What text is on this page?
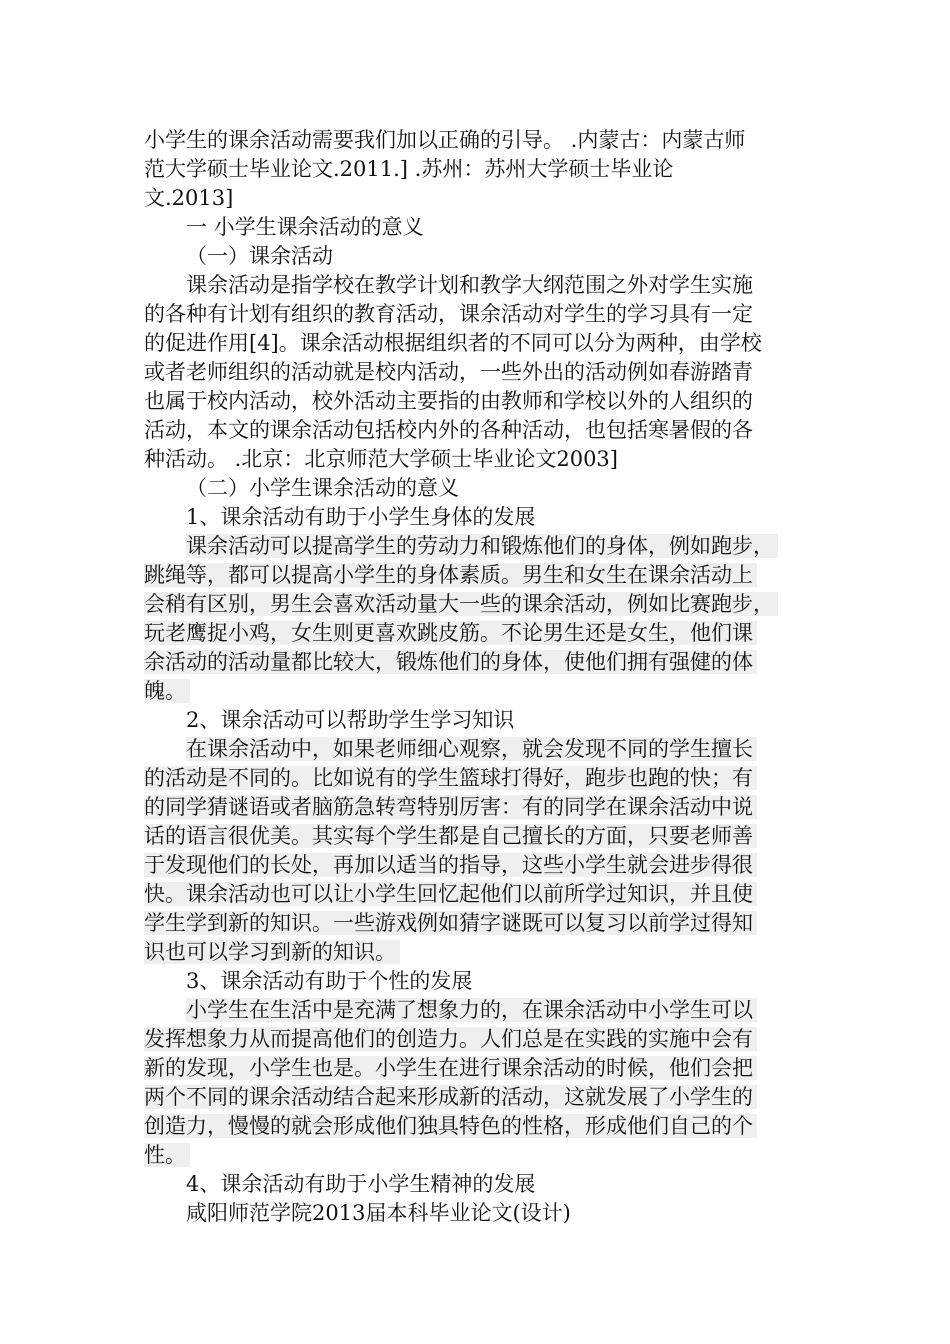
小学生的课余活动需要我们加以正确的引导。 .内蒙古：内蒙古师
范大学硕士毕业论文.2011.] .苏州：苏州大学硕士毕业论
文.2013]
一 小学生课余活动的意义
（一）课余活动
课余活动是指学校在教学计划和教学大纲范围之外对学生实施
的各种有计划有组织的教育活动，课余活动对学生的学习具有一定
的促进作用[4]。课余活动根据组织者的不同可以分为两种，由学校
或者老师组织的活动就是校内活动，一些外出的活动例如春游踏青
也属于校内活动，校外活动主要指的由教师和学校以外的人组织的
活动，本文的课余活动包括校内外的各种活动，也包括寒暑假的各
种活动。 .北京：北京师范大学硕士毕业论文2003]
（二）小学生课余活动的意义
1、课余活动有助于小学生身体的发展
课余活动可以提高学生的劳动力和锻炼他们的身体，例如跑步，
跳绳等，都可以提高小学生的身体素质。男生和女生在课余活动上
会稍有区别，男生会喜欢活动量大一些的课余活动，例如比赛跑步，
玩老鹰捉小鸡，女生则更喜欢跳皮筋。不论男生还是女生，他们课
余活动的活动量都比较大，锻炼他们的身体，使他们拥有强健的体
魄。
2、课余活动可以帮助学生学习知识
在课余活动中，如果老师细心观察，就会发现不同的学生擅长
的活动是不同的。比如说有的学生篮球打得好，跑步也跑的快；有
的同学猜谜语或者脑筋急转弯特别厉害：有的同学在课余活动中说
话的语言很优美。其实每个学生都是自己擅长的方面，只要老师善
于发现他们的长处，再加以适当的指导，这些小学生就会进步得很
快。课余活动也可以让小学生回忆起他们以前所学过知识，并且使
学生学到新的知识。一些游戏例如猜字谜既可以复习以前学过得知
识也可以学习到新的知识。
3、课余活动有助于个性的发展
小学生在生活中是充满了想象力的，在课余活动中小学生可以
发挥想象力从而提高他们的创造力。人们总是在实践的实施中会有
新的发现，小学生也是。小学生在进行课余活动的时候，他们会把
两个不同的课余活动结合起来形成新的活动，这就发展了小学生的
创造力，慢慢的就会形成他们独具特色的性格，形成他们自己的个
性。
4、课余活动有助于小学生精神的发展
咸阳师范学院2013届本科毕业论文(设计)
